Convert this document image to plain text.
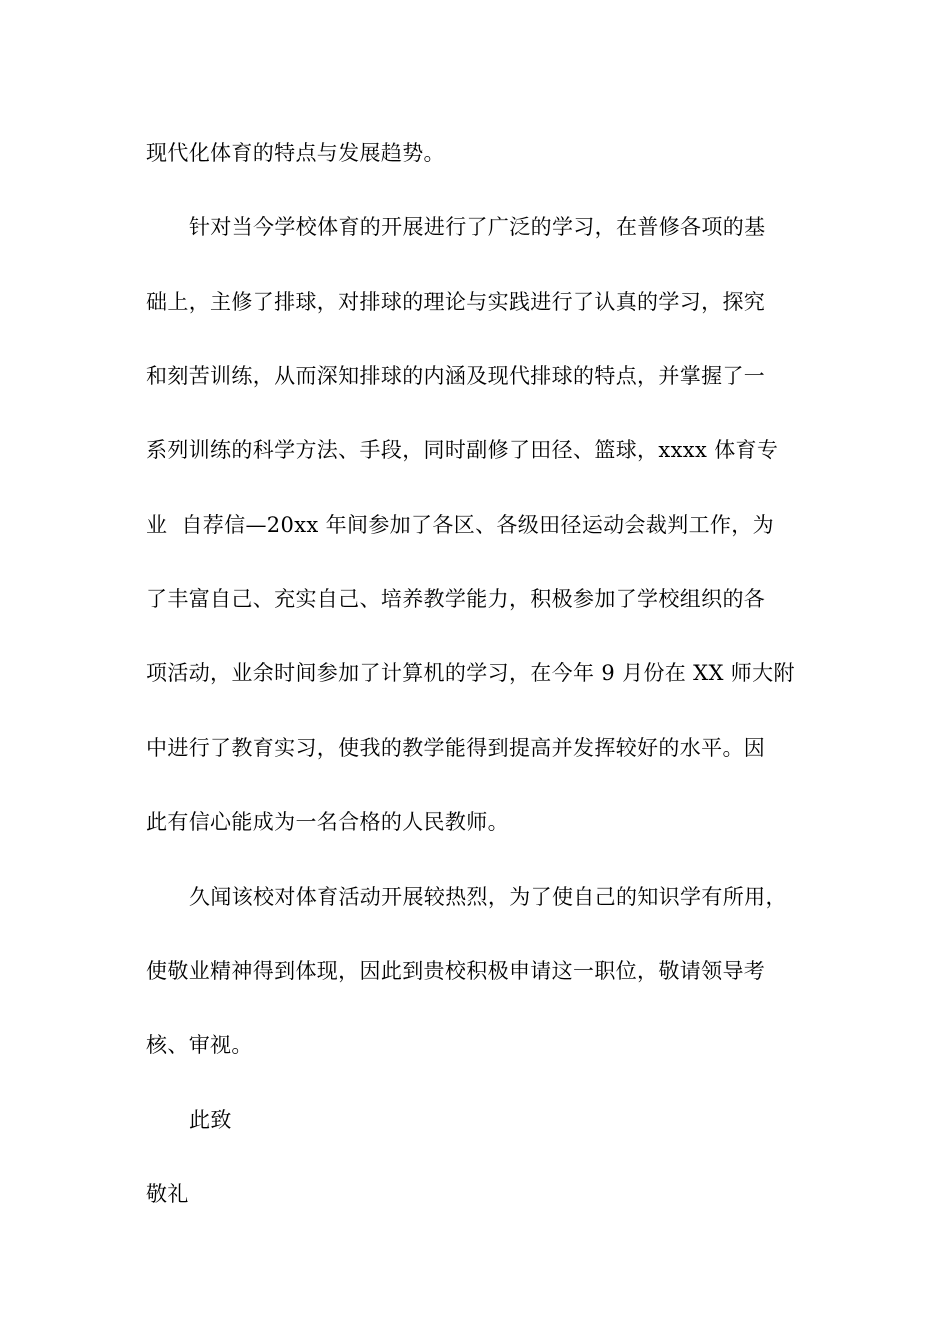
现代化体育的特点与发展趋势。
针对当今学校体育的开展进行了广泛的学习，在普修各项的基
础上，主修了排球，对排球的理论与实践进行了认真的学习，探究
和刻苦训练，从而深知排球的内涵及现代排球的特点，并掌握了一
系列训练的科学方法、手段，同时副修了田径、篮球，xxxx 体育专
业  自荐信—20xx 年间参加了各区、各级田径运动会裁判工作，为
了丰富自己、充实自己、培养教学能力，积极参加了学校组织的各
项活动，业余时间参加了计算机的学习，在今年 9 月份在 XX 师大附
中进行了教育实习，使我的教学能得到提高并发挥较好的水平。因
此有信心能成为一名合格的人民教师。
久闻该校对体育活动开展较热烈，为了使自己的知识学有所用，
使敬业精神得到体现，因此到贵校积极申请这一职位，敬请领导考
核、审视。
此致
敬礼
